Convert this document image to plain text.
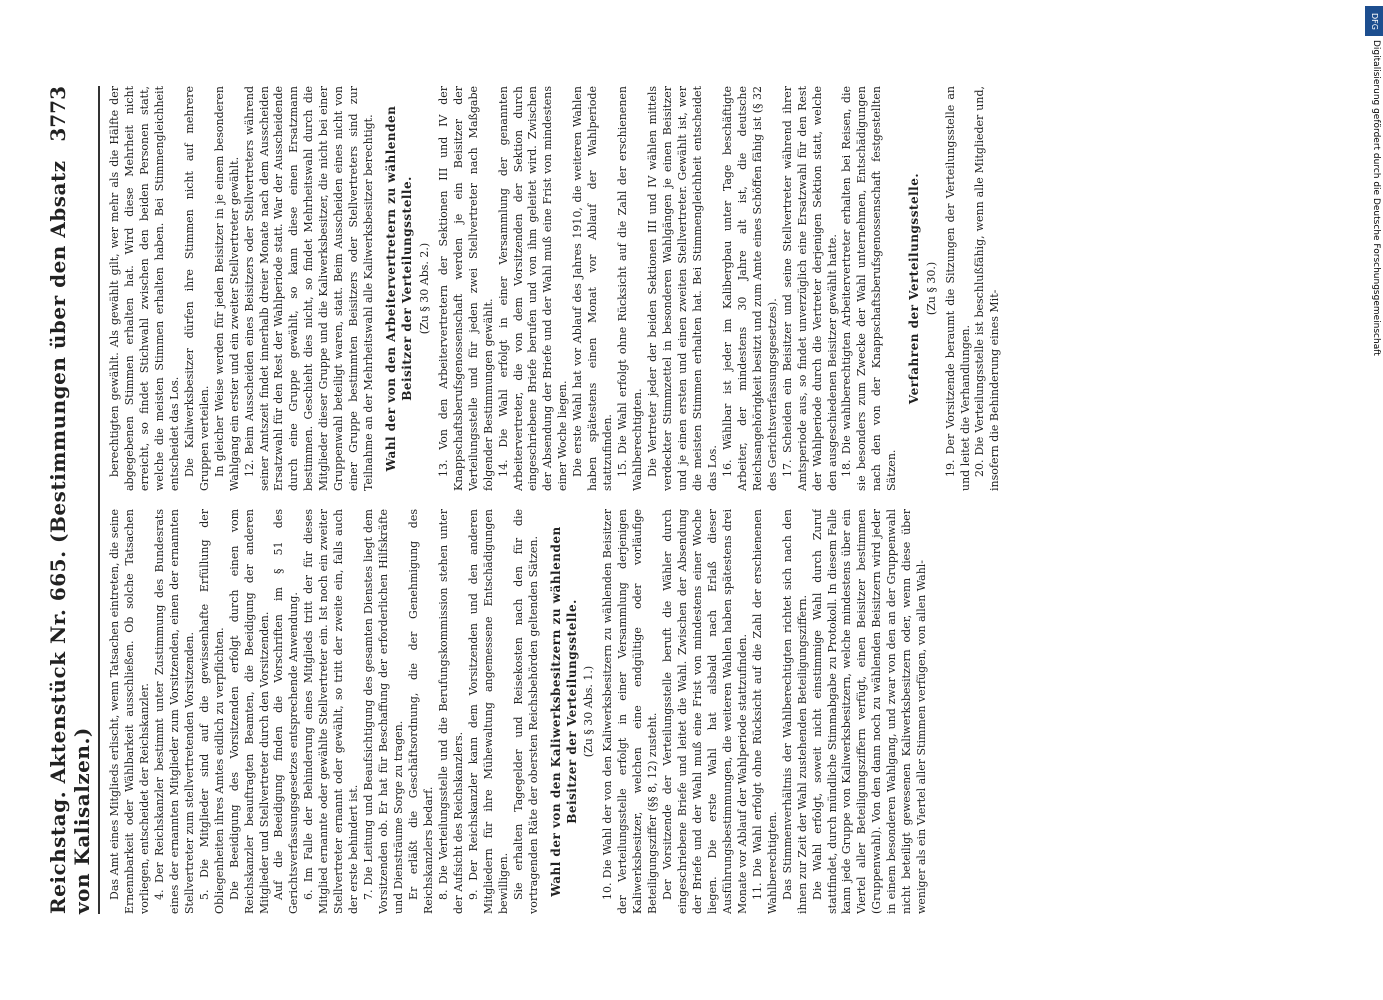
Reichstag. Aktenstück Nr. 665. (Bestimmungen über den Absatz von Kalisalzen.)
3773

Das Amt eines Mitglieds erlischt, wenn Tatsachen eintreten, die seine Ernennbarkeit oder Wählbarkeit ausschließen. Ob solche Tatsachen vorliegen, entscheidet der Reichskanzler. 4. Der Reichskanzler bestimmt unter Zustimmung des Bundesrats eines der ernannten Mitglieder zum Vorsitzenden, einen der ernannten Stellvertreter zum stellvertretenden Vorsitzenden. 5. Die Mitglieder sind auf die gewissenhafte Erfüllung der Obliegenheiten ihres Amtes eidlich zu verpflichten. Die Beeidigung des Vorsitzenden erfolgt durch einen vom Reichskanzler beauftragten Beamten, die Beeidigung der anderen Mitglieder und Stellvertreter durch den Vorsitzenden. Auf die Beeidigung finden die Vorschriften im § 51 des Gerichtsverfassungsgesetzes entsprechende Anwendung. 6. Im Falle der Behinderung eines Mitglieds tritt der für dieses Mitglied ernannte oder gewählte Stellvertreter ein. Ist noch ein zweiter Stellvertreter ernannt oder gewählt, so tritt der zweite ein, falls auch der erste behindert ist. 7. Die Leitung und Beaufsichtigung des gesamten Dienstes liegt dem Vorsitzenden ob. Er hat für Beschaffung der erforderlichen Hilfskräfte und Diensträume Sorge zu tragen. Er erläßt die Geschäftsordnung, die der Genehmigung des Reichskanzlers bedarf. 8. Die Verteilungsstelle und die Berufungskommission stehen unter der Aufsicht des Reichskanzlers. 9. Der Reichskanzler kann dem Vorsitzenden und den anderen Mitgliedern für ihre Mühewaltung angemessene Entschädigungen bewilligen. Sie erhalten Tagegelder und Reisekosten nach den für die vortragenden Räte der obersten Reichsbehörden geltenden Sätzen. Wahl der von den Kaliwerksbesitzern zu wählenden Beisitzer der Verteilungsstelle. (Zu § 30 Abs. 1.) 10. Die Wahl der von den Kaliwerksbesitzern zu wählenden Beisitzer der Verteilungsstelle erfolgt in einer Versammlung derjenigen Kaliwerksbesitzer, welchen eine endgültige oder vorläufige Beteiligungsziffer (§§ 8, 12) zusteht. Der Vorsitzende der Verteilungsstelle beruft die Wähler durch eingeschriebene Briefe und leitet die Wahl. Zwischen der Absendung der Briefe und der Wahl muß eine Frist von mindestens einer Woche liegen. Die erste Wahl hat alsbald nach Erlaß dieser Ausführungsbestimmungen, die weiteren Wahlen haben spätestens drei Monate vor Ablauf der Wahlperiode stattzufinden. 11. Die Wahl erfolgt ohne Rücksicht auf die Zahl der erschienenen Wahlberechtigten. Das Stimmenverhältnis der Wahlberechtigten richtet sich nach den ihnen zur Zeit der Wahl zustehenden Beteiligungsziffern. Die Wahl erfolgt, soweit nicht einstimmige Wahl durch Zuruf stattfindet, durch mündliche Stimmabgabe zu Protokoll. In diesem Falle kann jede Gruppe von Kaliwerksbesitzern, welche mindestens über ein Viertel aller Beteiligungsziffern verfügt, einen Beisitzer bestimmen (Gruppenwahl). Von den dann noch zu wählenden Beisitzern wird jeder in einem besonderen Wahlgang, und zwar von den an der Gruppenwahl nicht beteiligt gewesenen Kaliwerksbesitzern oder, wenn diese über weniger als ein Viertel aller Stimmen verfügen, von allen Wahl-

berechtigten gewählt. Als gewählt gilt, wer mehr als die Hälfte der abgegebenen Stimmen erhalten hat. Wird diese Mehrheit nicht erreicht, so findet Stichwahl zwischen den beiden Personen statt, welche die meisten Stimmen erhalten haben. Bei Stimmengleichheit entscheidet das Los. Die Kaliwerksbesitzer dürfen ihre Stimmen nicht auf mehrere Gruppen verteilen. In gleicher Weise werden für jeden Beisitzer in je einem besonderen Wahlgang ein erster und ein zweiter Stellvertreter gewählt. 12. Beim Ausscheiden eines Beisitzers oder Stellvertreters während seiner Amtszeit findet innerhalb dreier Monate nach dem Ausscheiden Ersatzwahl für den Rest der Wahlperiode statt. War der Ausscheidende durch eine Gruppe gewählt, so kann diese einen Ersatzmann bestimmen. Geschieht dies nicht, so findet Mehrheitswahl durch die Mitglieder dieser Gruppe und die Kaliwerksbesitzer, die nicht bei einer Gruppenwahl beteiligt waren, statt. Beim Ausscheiden eines nicht von einer Gruppe bestimmten Beisitzers oder Stellvertreters sind zur Teilnahme an der Mehrheitswahl alle Kaliwerksbesitzer berechtigt. Wahl der von den Arbeitervertretern zu wählenden Beisitzer der Verteilungsstelle. (Zu § 30 Abs. 2.) 13. Von den Arbeitervertretern der Sektionen III und IV der Knappschaftsberufsgenossenschaft werden je ein Beisitzer der Verteilungsstelle und für jeden zwei Stellvertreter nach Maßgabe folgender Bestimmungen gewählt. 14. Die Wahl erfolgt in einer Versammlung der genannten Arbeitervertreter, die von dem Vorsitzenden der Sektion durch eingeschriebene Briefe berufen und von ihm geleitet wird. Zwischen der Absendung der Briefe und der Wahl muß eine Frist von mindestens einer Woche liegen. Die erste Wahl hat vor Ablauf des Jahres 1910, die weiteren Wahlen haben spätestens einen Monat vor Ablauf der Wahlperiode stattzufinden. 15. Die Wahl erfolgt ohne Rücksicht auf die Zahl der erschienenen Wahlberechtigten. Die Vertreter jeder der beiden Sektionen III und IV wählen mittels verdeckter Stimmzettel in besonderen Wahlgängen je einen Beisitzer und je einen ersten und einen zweiten Stellvertreter. Gewählt ist, wer die meisten Stimmen erhalten hat. Bei Stimmengleichheit entscheidet das Los. 16. Wählbar ist jeder im Kalibergbau unter Tage beschäftigte Arbeiter, der mindestens 30 Jahre alt ist, die deutsche Reichsangehörigkeit besitzt und zum Amte eines Schöffen fähig ist (§ 32 des Gerichtsverfassungsgesetzes). 17. Scheiden ein Beisitzer und seine Stellvertreter während ihrer Amtsperiode aus, so findet unverzüglich eine Ersatzwahl für den Rest der Wahlperiode durch die Vertreter derjenigen Sektion statt, welche den ausgeschiedenen Beisitzer gewählt hatte. 18. Die wahlberechtigten Arbeitervertreter erhalten bei Reisen, die sie besonders zum Zwecke der Wahl unternehmen, Entschädigungen nach den von der Knappschaftsberufsgenossenschaft festgestellten Sätzen.

Verfahren der Verteilungsstelle. (Zu § 30.) 19. Der Vorsitzende beraumt die Sitzungen der Verteilungsstelle an und leitet die Verhandlungen. 20. Die Verteilungsstelle ist beschlußfähig, wenn alle Mitglieder und, insofern die Behinderung eines Mit-

DFG
Digitalisierung gefördert durch die Deutsche Forschungsgemeinschaft
